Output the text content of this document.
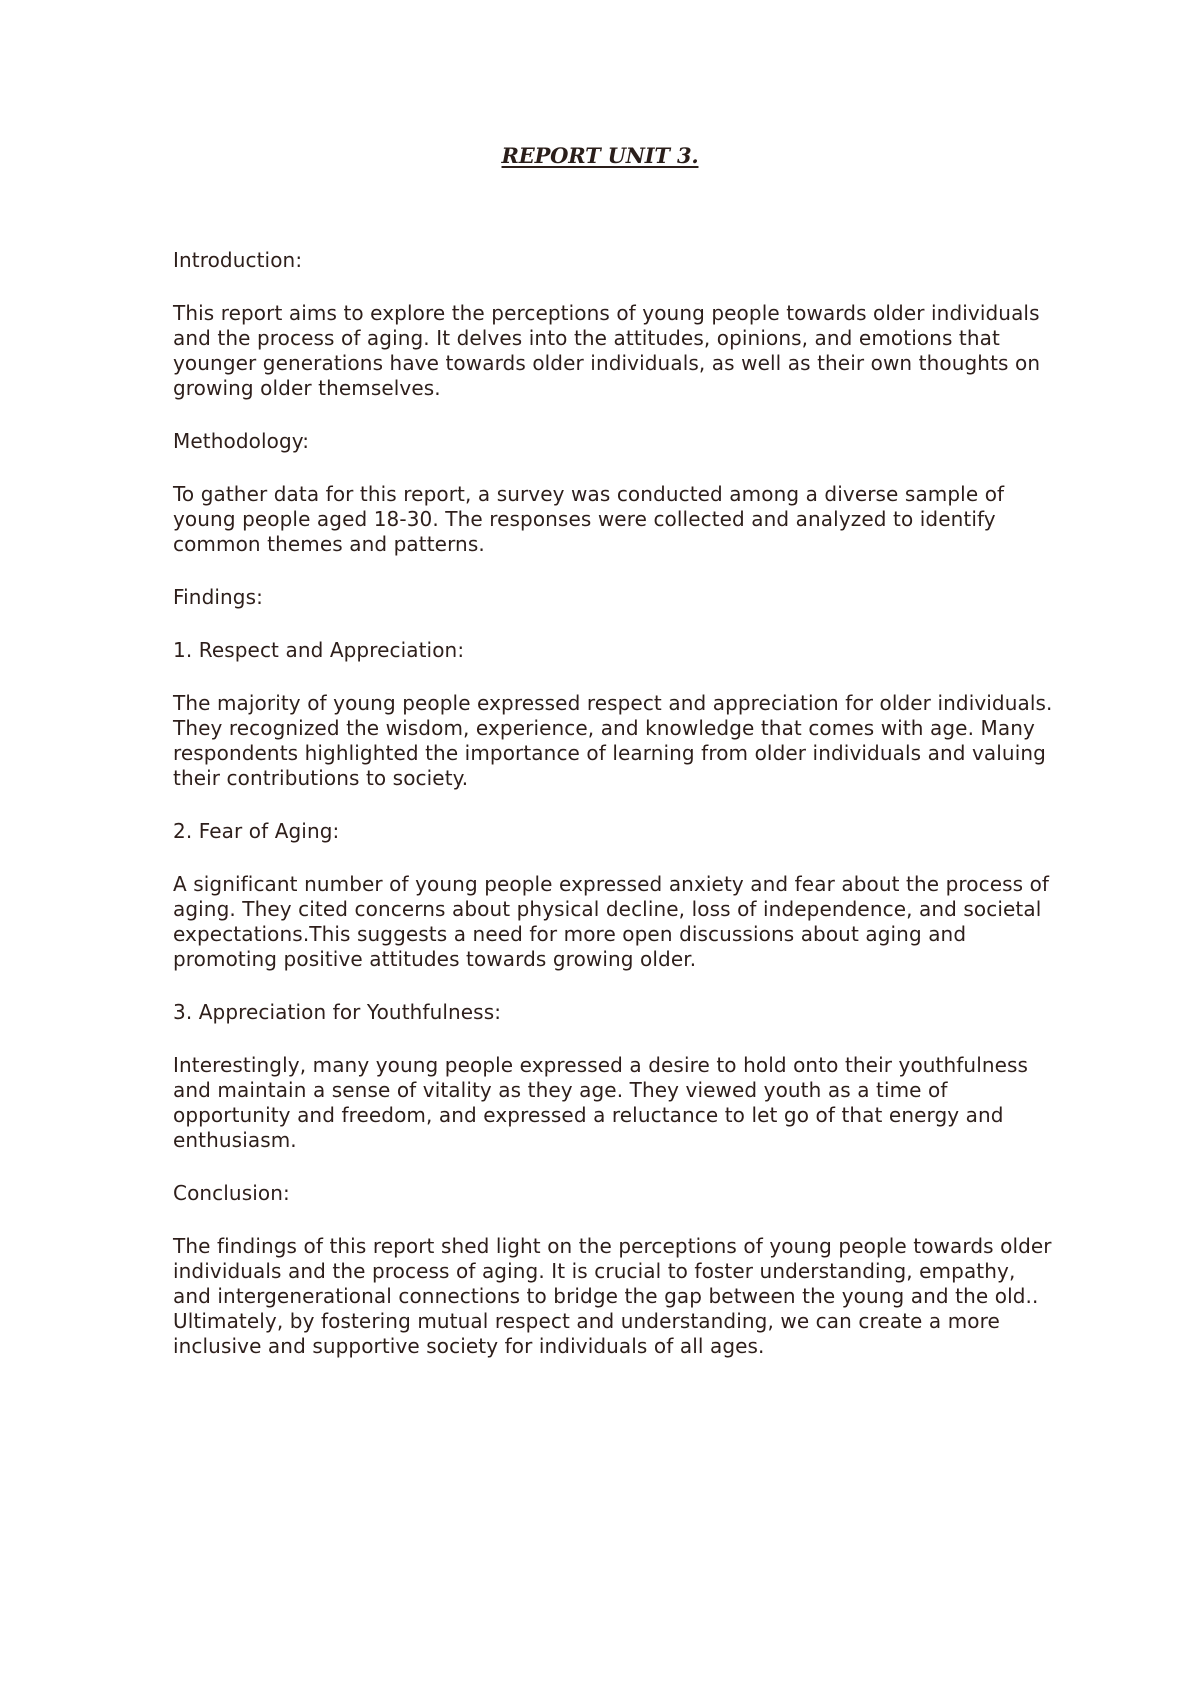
REPORT UNIT 3.

Introduction:

This report aims to explore the perceptions of young people towards older individuals and the process of aging. It delves into the attitudes, opinions, and emotions that younger generations have towards older individuals, as well as their own thoughts on growing older themselves.

Methodology:

To gather data for this report, a survey was conducted among a diverse sample of young people aged 18-30. The responses were collected and analyzed to identify common themes and patterns.

Findings:

1. Respect and Appreciation:

The majority of young people expressed respect and appreciation for older individuals. They recognized the wisdom, experience, and knowledge that comes with age. Many respondents highlighted the importance of learning from older individuals and valuing their contributions to society.

2. Fear of Aging:

A significant number of young people expressed anxiety and fear about the process of aging. They cited concerns about physical decline, loss of independence, and societal expectations.This suggests a need for more open discussions about aging and promoting positive attitudes towards growing older.

3. Appreciation for Youthfulness:

Interestingly, many young people expressed a desire to hold onto their youthfulness and maintain a sense of vitality as they age. They viewed youth as a time of opportunity and freedom, and expressed a reluctance to let go of that energy and enthusiasm.

Conclusion:

The findings of this report shed light on the perceptions of young people towards older individuals and the process of aging. It is crucial to foster understanding, empathy, and intergenerational connections to bridge the gap between the young and the old.. Ultimately, by fostering mutual respect and understanding, we can create a more inclusive and supportive society for individuals of all ages.
